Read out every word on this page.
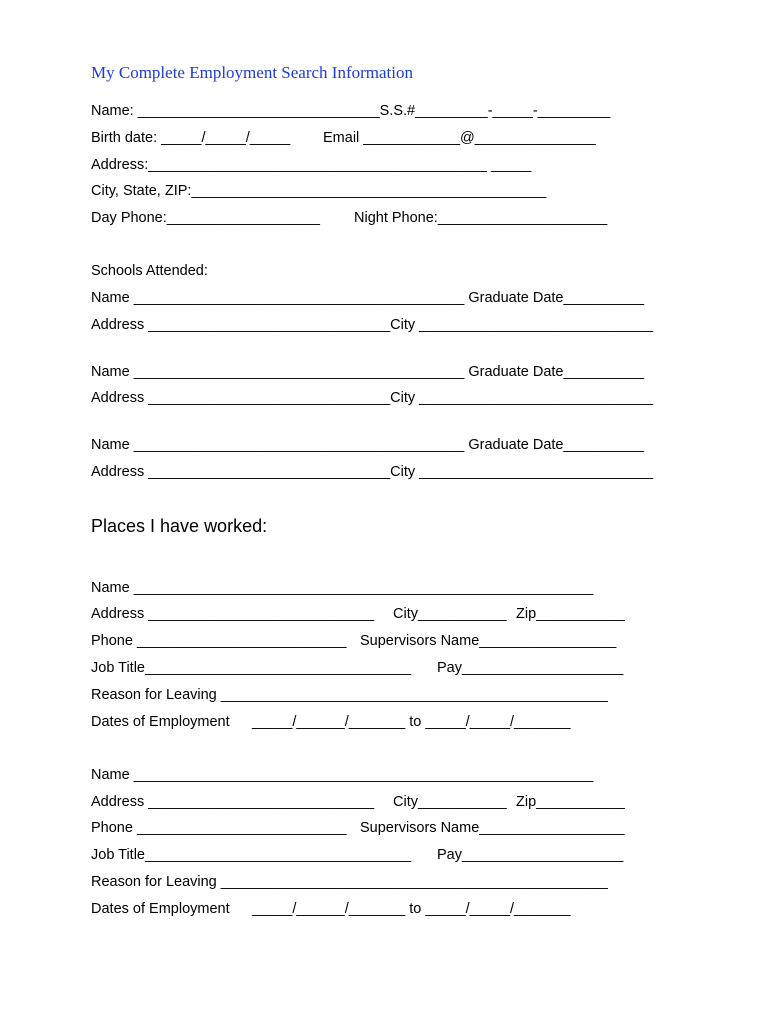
My Complete Employment Search Information
Name: ______________________________S.S.#_________-_____-_________
Birth date: _____/_____/_____ Email ____________@_______________
Address:__________________________________________ _____
City, State, ZIP:____________________________________________
Day Phone:___________________ Night Phone:_____________________
Schools Attended:
Name _________________________________________ Graduate Date__________
Address ______________________________City _____________________________
Name _________________________________________ Graduate Date__________
Address ______________________________City _____________________________
Name _________________________________________ Graduate Date__________
Address ______________________________City _____________________________
Places I have worked:
Name _________________________________________________________
Address ____________________________ City___________ Zip___________
Phone __________________________ Supervisors Name_________________
Job Title_________________________________ Pay____________________
Reason for Leaving ________________________________________________
Dates of Employment _____/______/_______ to _____/_____/_______
Name _________________________________________________________
Address ____________________________ City___________ Zip___________
Phone __________________________ Supervisors Name__________________
Job Title_________________________________ Pay____________________
Reason for Leaving ________________________________________________
Dates of Employment _____/______/_______ to _____/_____/_______
